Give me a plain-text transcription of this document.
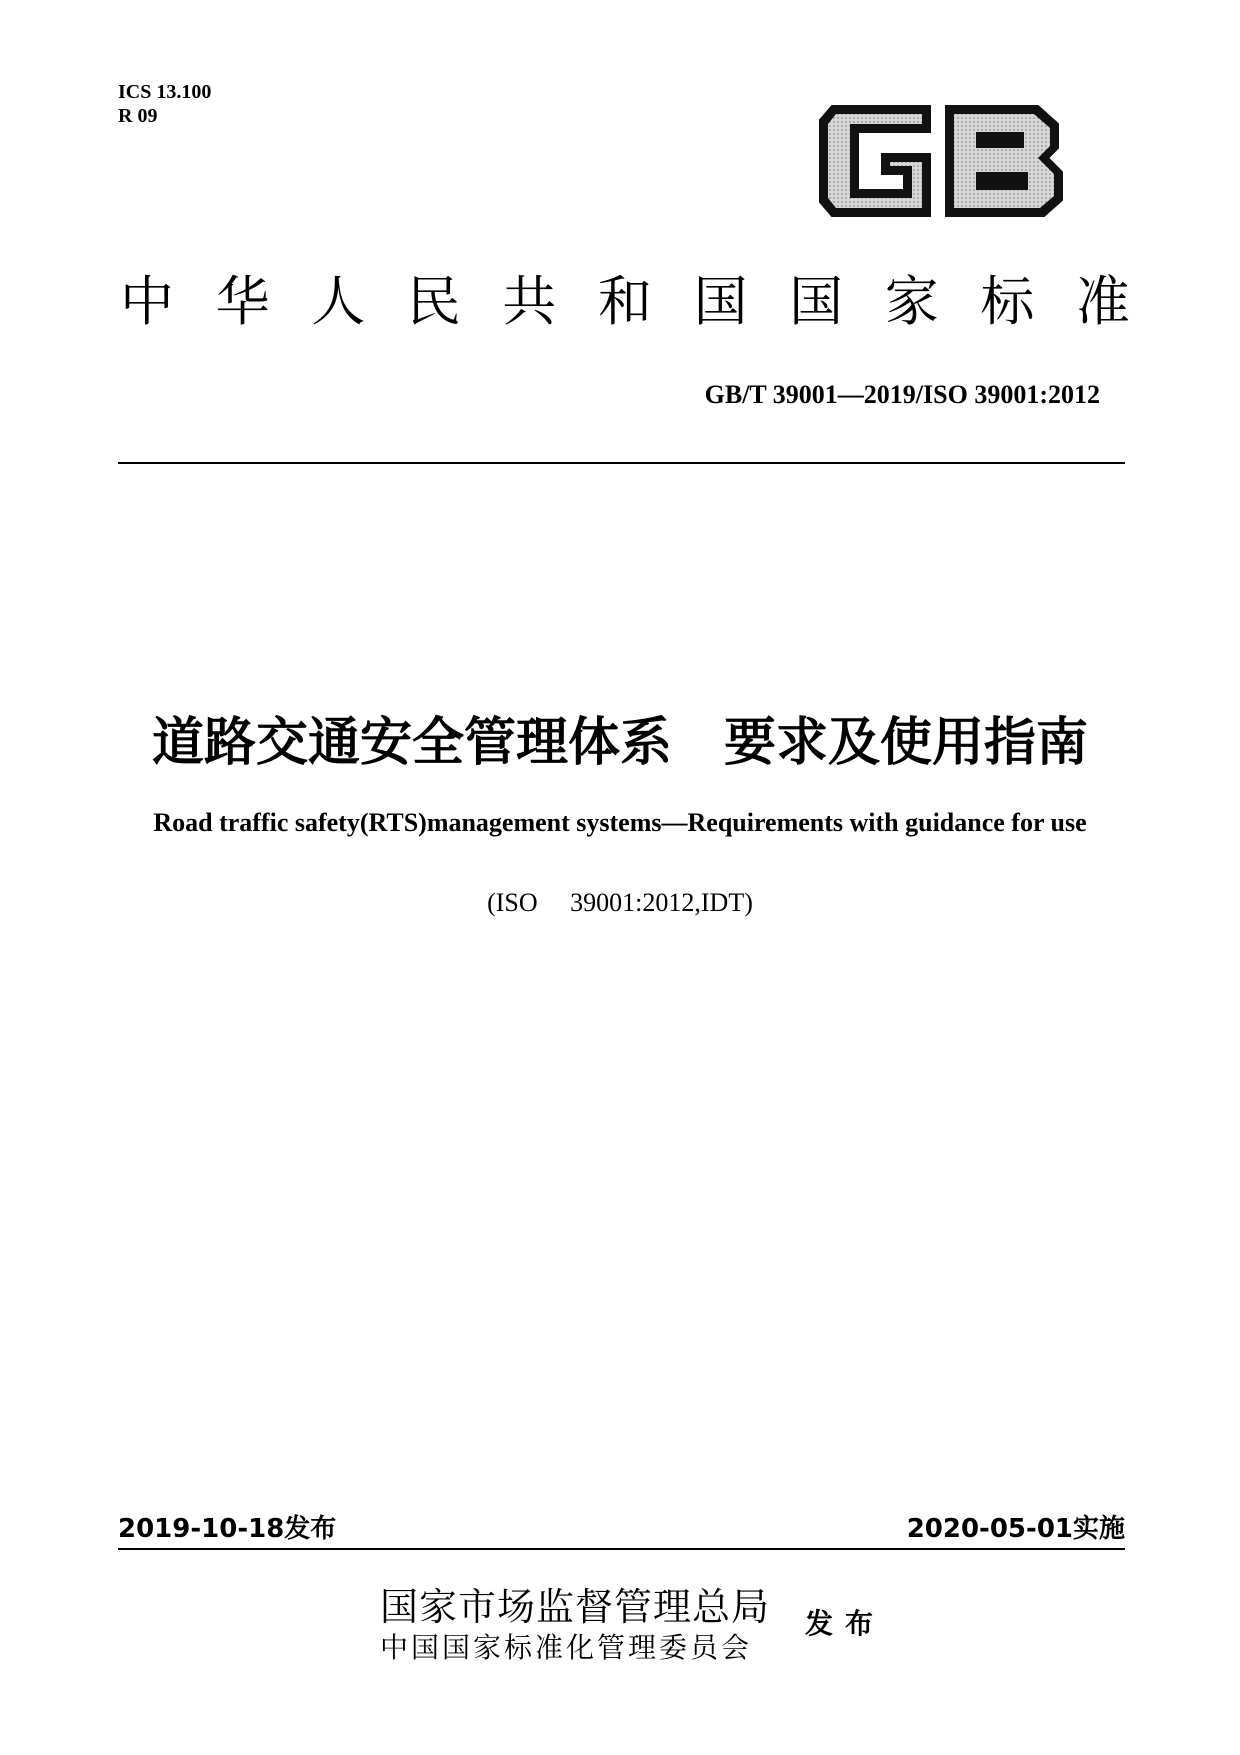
ICS 13.100
R 09
中 华 人 民 共 和 国 国 家 标 准
GB/T 39001—2019/ISO 39001:2012
道路交通安全管理体系　要求及使用指南
Road traffic safety(RTS)management systems—Requirements with guidance for use
(ISO     39001:2012,IDT)
2019-10-18发布	2020-05-01实施
国家市场监督管理总局
中国国家标准化管理委员会
发布
